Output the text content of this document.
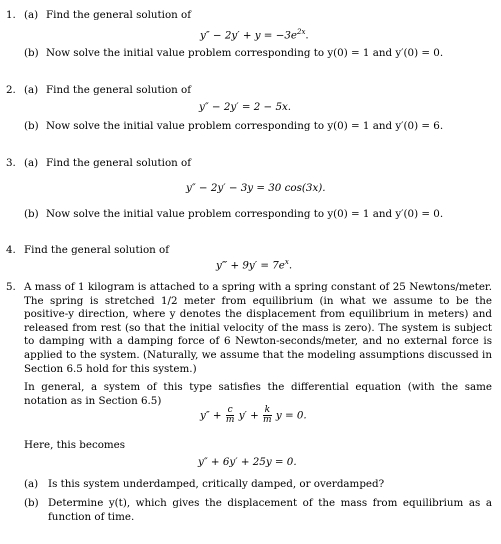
1. (a) Find the general solution of
$y'' - 2y' + y = -3e^{2x}$.
(b) Now solve the initial value problem corresponding to y(0) = 1 and y′(0) = 0.
2. (a) Find the general solution of
y″ − 2y′ = 2 − 5x.
(b) Now solve the initial value problem corresponding to y(0) = 1 and y′(0) = 6.
3. (a) Find the general solution of
y″ − 2y′ − 3y = 30 cos(3x).
(b) Now solve the initial value problem corresponding to y(0) = 1 and y′(0) = 0.
4. Find the general solution of
y‴ + $9y' = 7e^x$.
5. A mass of 1 kilogram is attached to a spring with a spring constant of 25 Newtons/meter. The spring is stretched 1/2 meter from equilibrium (in what we assume to be the positive-y direction, where y denotes the displacement from equilibrium in meters) and released from rest (so that the initial velocity of the mass is zero). The system is subject to damping with a damping force of 6 Newton-seconds/meter, and no external force is applied to the system. (Naturally, we assume that the modeling assumptions discussed in Section 6.5 hold for this system.)
In general, a system of this type satisfies the differential equation (with the same notation as in Section 6.5)
$y'' + \frac{c}{m} y' + \frac{k}{m}$ y = 0.
Here, this becomes
y″ + 6y′ + 25y = 0.
(a) Is this system underdamped, critically damped, or overdamped?
(b) Determine y(t), which gives the displacement of the mass from equilibrium as a function of time.
